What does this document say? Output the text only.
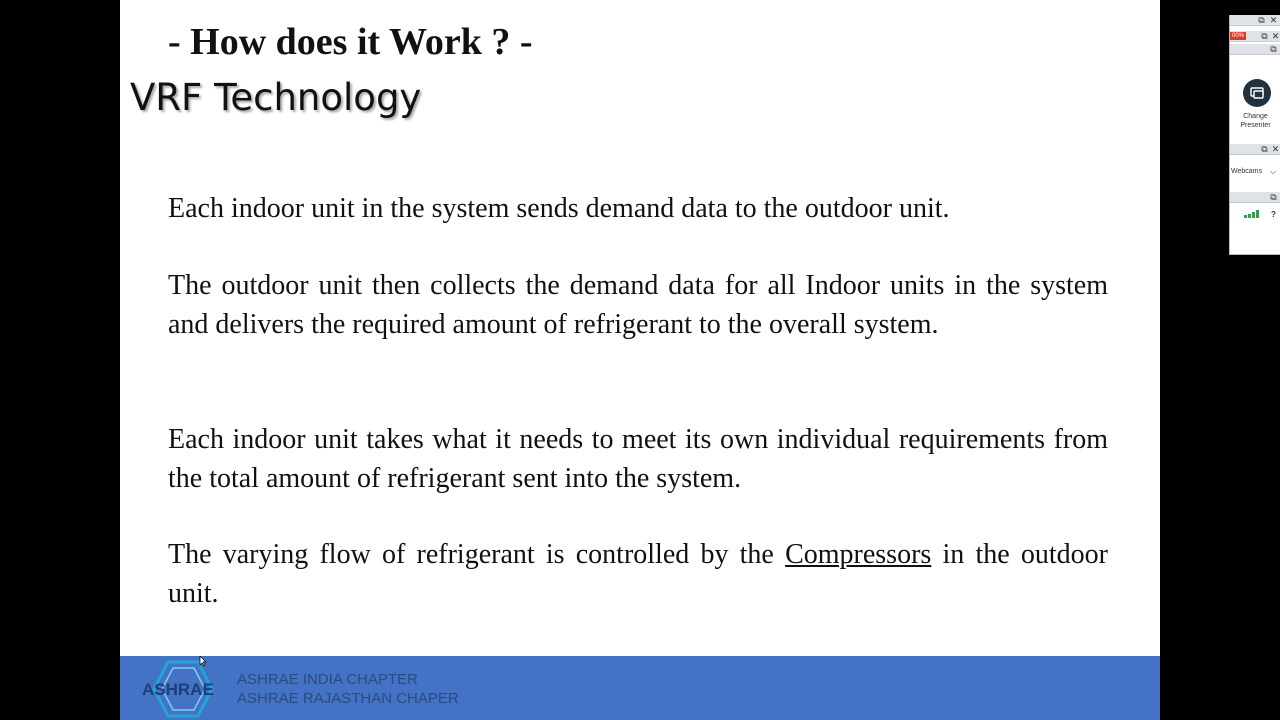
- How does it Work ? -
VRF Technology

Each indoor unit in the system sends demand data to the outdoor unit.

The outdoor unit then collects the demand data for all Indoor units in the system and delivers the required amount of refrigerant to the overall system.

Each indoor unit takes what it needs to meet its own individual requirements from the total amount of refrigerant sent into the system.

The varying flow of refrigerant is controlled by the Compressors in the outdoor unit.

ASHRAE
ASHRAE INDIA CHAPTER
ASHRAE RAJASTHAN CHAPER
⧉ ✕
00% ⧉ ✕
⧉
Change
Presenter
⧉ ✕
Webcams ⌵
⧉
?
